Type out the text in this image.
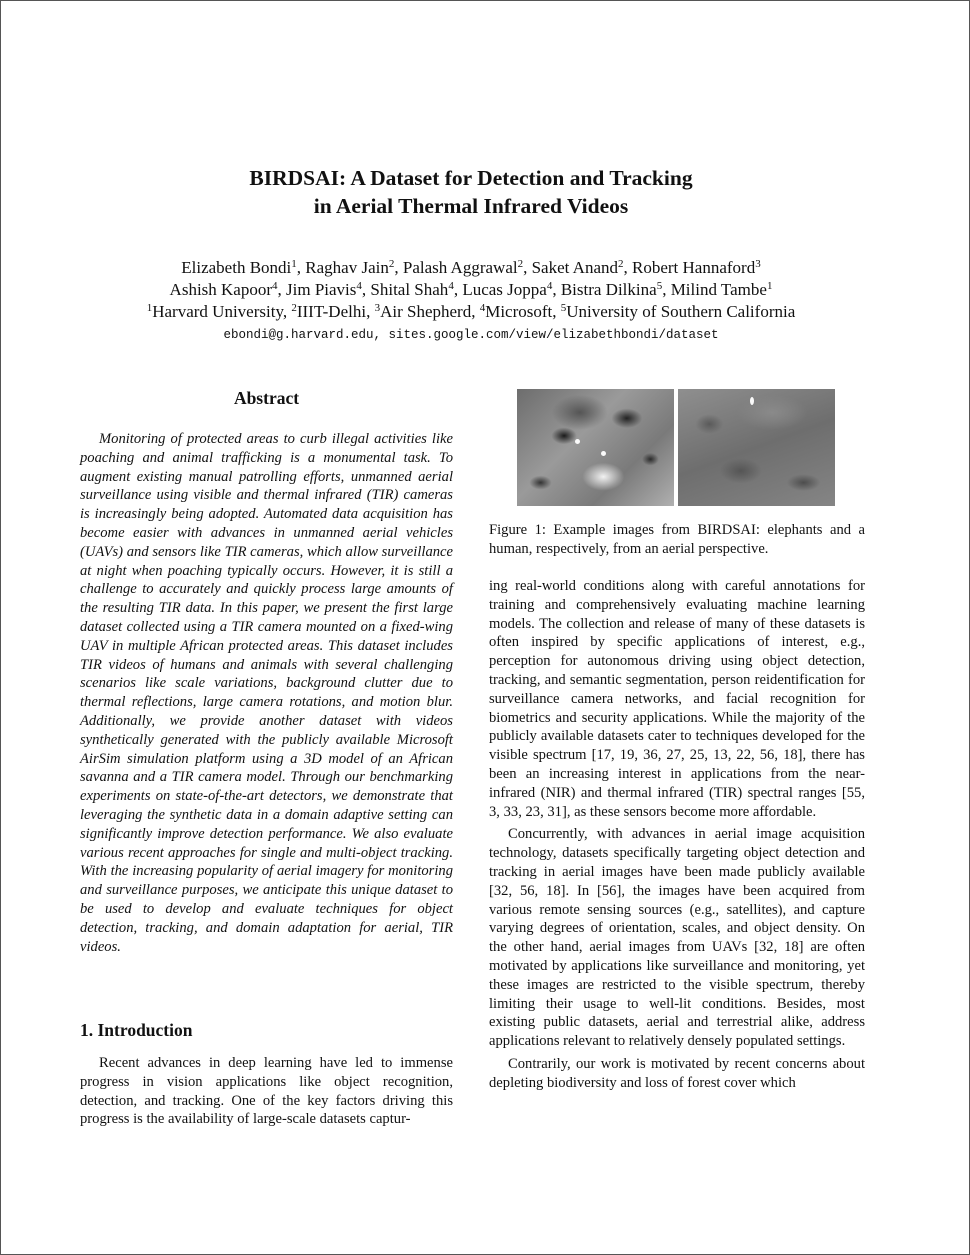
BIRDSAI: A Dataset for Detection and Tracking
in Aerial Thermal Infrared Videos
Elizabeth Bondi$^1$, Raghav Jain$^2$, Palash Aggrawal$^2$, Saket Anand$^2$, Robert Hannaford$^3$
Ashish Kapoor$^4$, Jim Piavis$^4$, Shital Shah$^4$, Lucas Joppa$^4$, Bistra Dilkina$^5$, Milind Tambe$^1$
$^1$Harvard University, $^2$IIIT-Delhi, $^3$Air Shepherd, $^4$Microsoft, $^5$University of Southern California
ebondi@g.harvard.edu, sites.google.com/view/elizabethbondi/dataset
Abstract

Monitoring of protected areas to curb illegal activities like poaching and animal trafficking is a monumental task. To augment existing manual patrolling efforts, unmanned aerial surveillance using visible and thermal infrared (TIR) cameras is increasingly being adopted. Automated data acquisition has become easier with advances in unmanned aerial vehicles (UAVs) and sensors like TIR cameras, which allow surveillance at night when poaching typically occurs. However, it is still a challenge to accurately and quickly process large amounts of the resulting TIR data. In this paper, we present the first large dataset collected using a TIR camera mounted on a fixed-wing UAV in multiple African protected areas. This dataset includes TIR videos of humans and animals with several challenging scenarios like scale variations, background clutter due to thermal reflections, large camera rotations, and motion blur. Additionally, we provide another dataset with videos synthetically generated with the publicly available Microsoft AirSim simulation platform using a 3D model of an African savanna and a TIR camera model. Through our benchmarking experiments on state-of-the-art detectors, we demonstrate that leveraging the synthetic data in a domain adaptive setting can significantly improve detection performance. We also evaluate various recent approaches for single and multi-object tracking. With the increasing popularity of aerial imagery for monitoring and surveillance purposes, we anticipate this unique dataset to be used to develop and evaluate techniques for object detection, tracking, and domain adaptation for aerial, TIR videos.

1. Introduction

Recent advances in deep learning have led to immense progress in vision applications like object recognition, detection, and tracking. One of the key factors driving this progress is the availability of large-scale datasets captur-

Figure 1: Example images from BIRDSAI: elephants and a human, respectively, from an aerial perspective.

ing real-world conditions along with careful annotations for training and comprehensively evaluating machine learning models. The collection and release of many of these datasets is often inspired by specific applications of interest, e.g., perception for autonomous driving using object detection, tracking, and semantic segmentation, person reidentification for surveillance camera networks, and facial recognition for biometrics and security applications. While the majority of the publicly available datasets cater to techniques developed for the visible spectrum [17, 19, 36, 27, 25, 13, 22, 56, 18], there has been an increasing interest in applications from the near-infrared (NIR) and thermal infrared (TIR) spectral ranges [55, 3, 33, 23, 31], as these sensors become more affordable.

Concurrently, with advances in aerial image acquisition technology, datasets specifically targeting object detection and tracking in aerial images have been made publicly available [32, 56, 18]. In [56], the images have been acquired from various remote sensing sources (e.g., satellites), and capture varying degrees of orientation, scales, and object density. On the other hand, aerial images from UAVs [32, 18] are often motivated by applications like surveillance and monitoring, yet these images are restricted to the visible spectrum, thereby limiting their usage to well-lit conditions. Besides, most existing public datasets, aerial and terrestrial alike, address applications relevant to relatively densely populated settings.

Contrarily, our work is motivated by recent concerns about depleting biodiversity and loss of forest cover which
